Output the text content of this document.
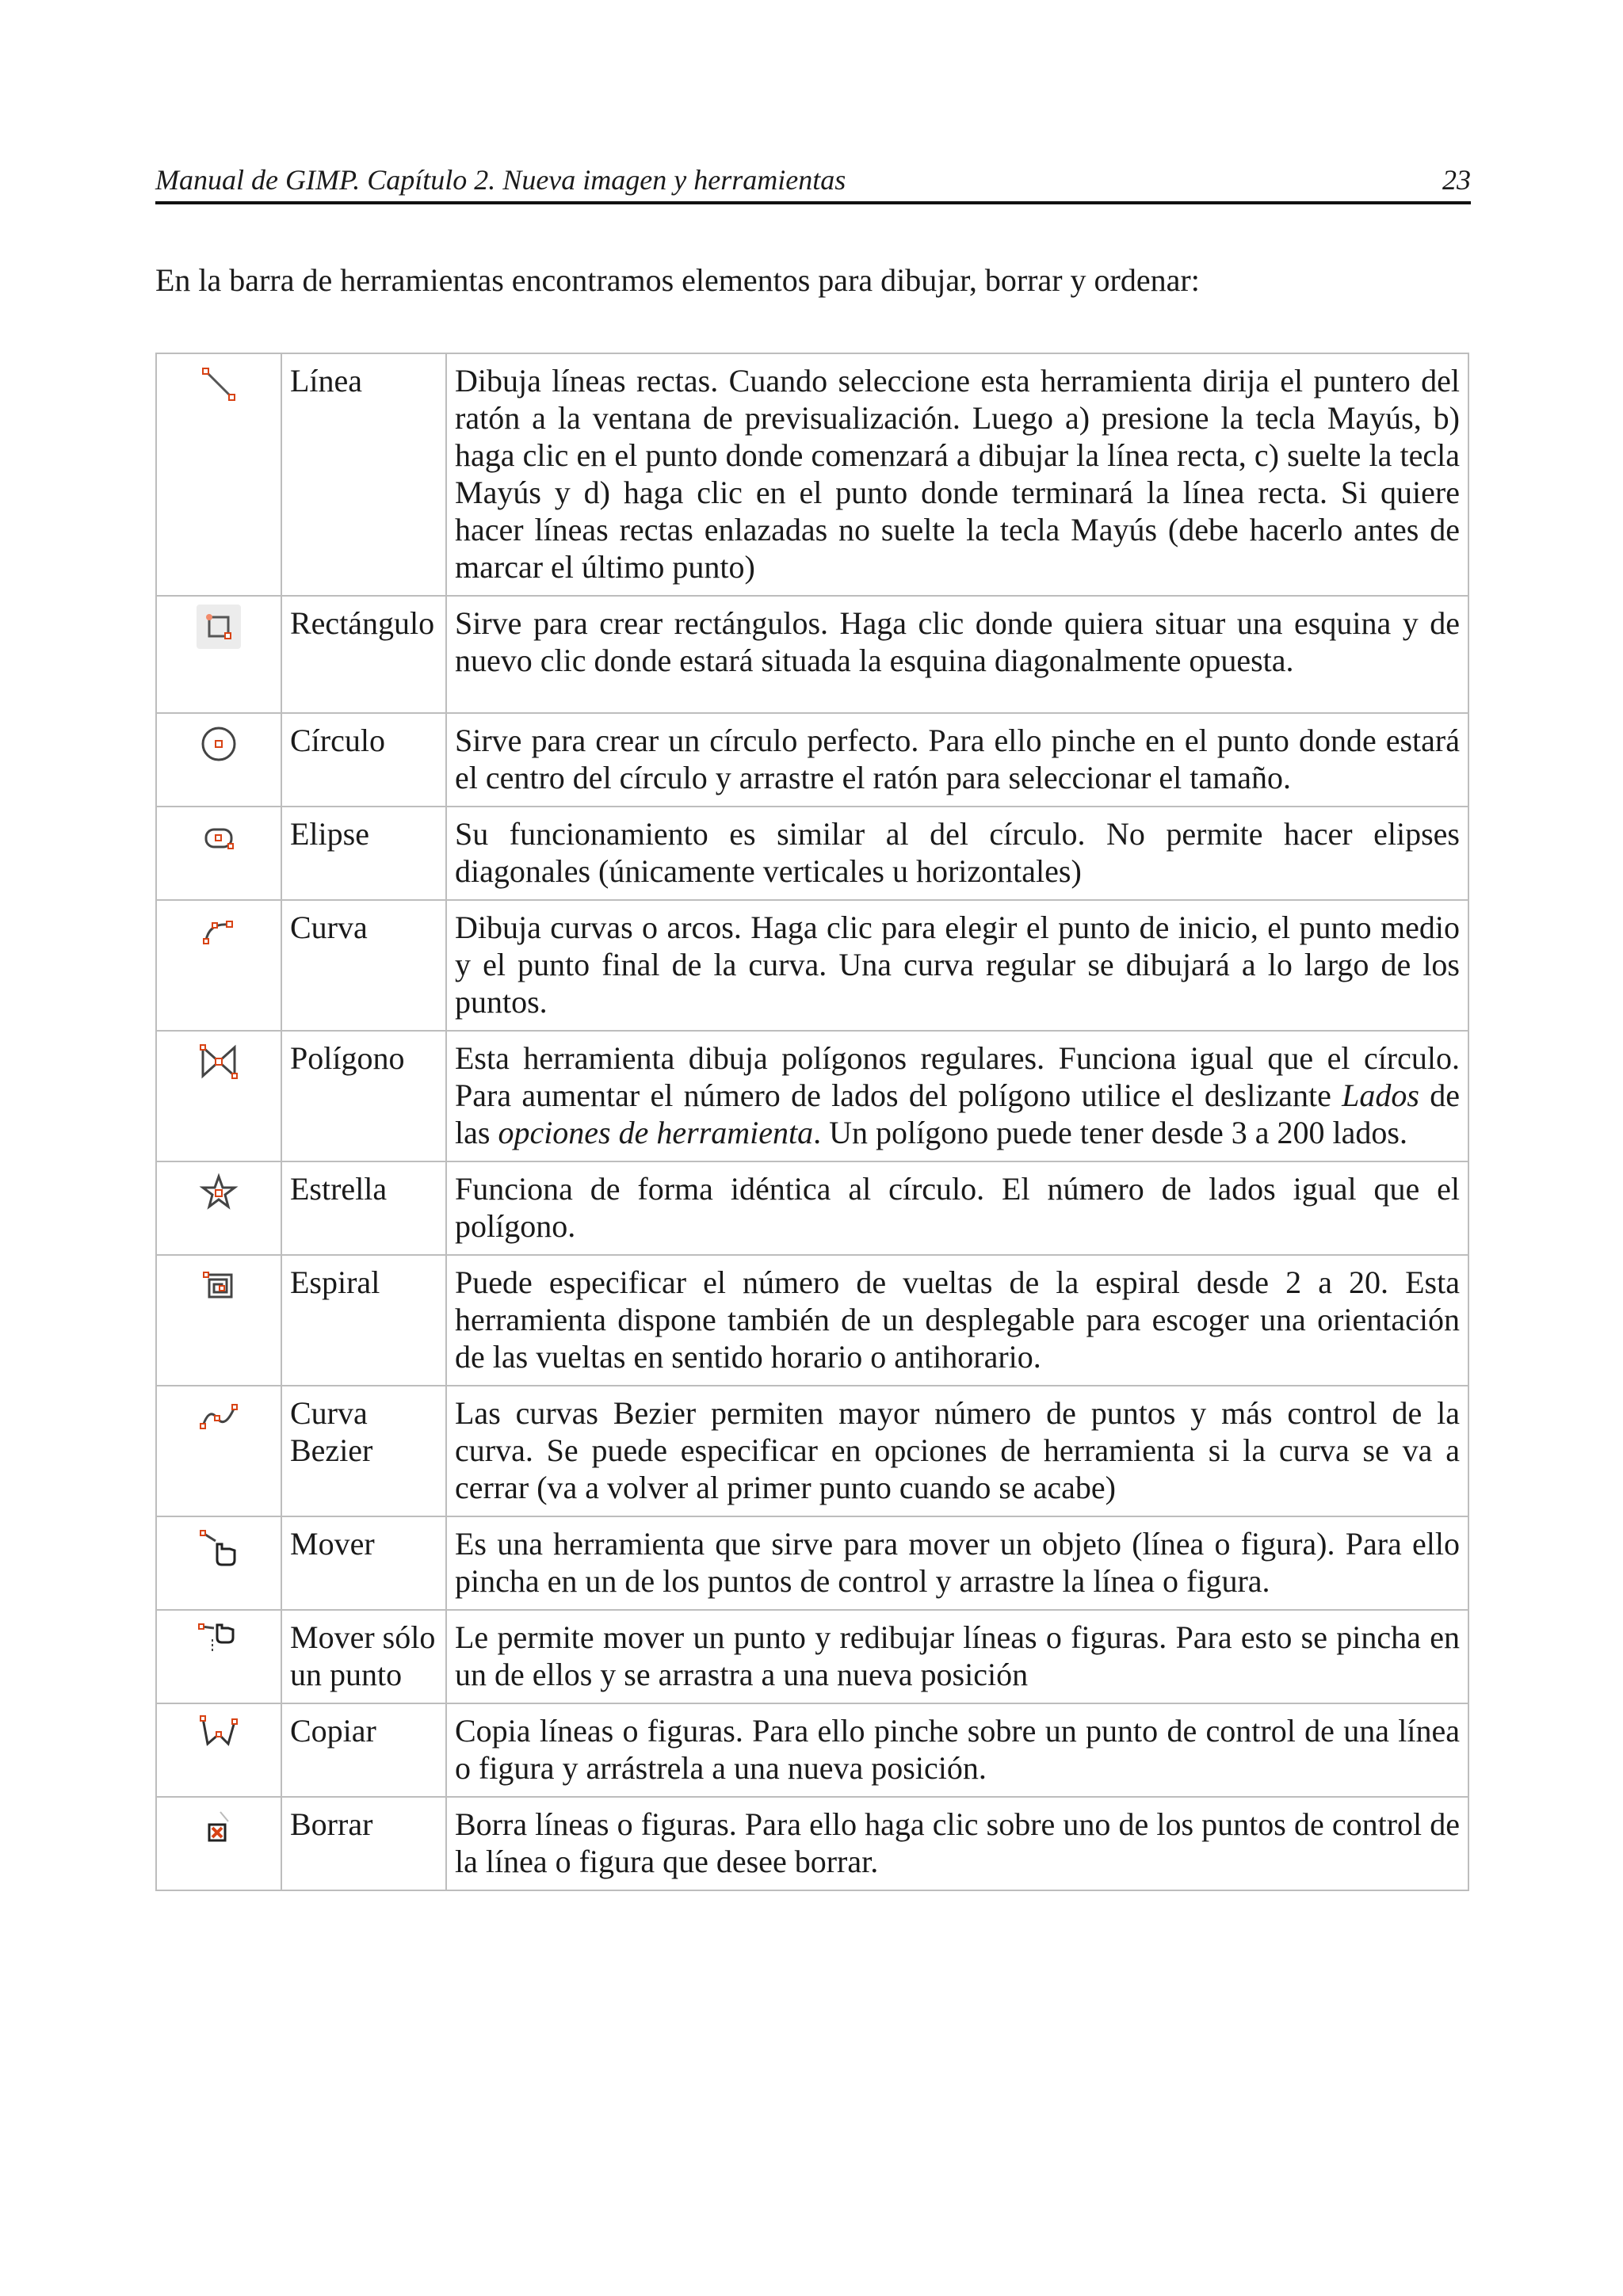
Manual de GIMP. Capítulo 2. Nueva imagen y herramientas	23
En la barra de herramientas encontramos elementos para dibujar, borrar y ordenar:
	Línea	Dibuja líneas rectas. Cuando seleccione esta herramienta dirija el puntero del ratón a la ventana de previsualización. Luego a) presione la tecla Mayús, b) haga clic en el punto donde comenzará a dibujar la línea recta, c) suelte la tecla Mayús y d) haga clic en el punto donde terminará la línea recta. Si quiere hacer líneas rectas enlazadas no suelte la tecla Mayús (debe hacerlo antes de marcar el último punto)
	Rectángulo	Sirve para crear rectángulos. Haga clic donde quiera situar una esquina y de nuevo clic donde estará situada la esquina diagonalmente opuesta.
	Círculo	Sirve para crear un círculo perfecto. Para ello pinche en el punto donde estará el centro del círculo y arrastre el ratón para seleccionar el tamaño.
	Elipse	Su funcionamiento es similar al del círculo. No permite hacer elipses diagonales (únicamente verticales u horizontales)
	Curva	Dibuja curvas o arcos. Haga clic para elegir el punto de inicio, el punto medio y el punto final de la curva. Una curva regular se dibujará a lo largo de los puntos.
	Polígono	Esta herramienta dibuja polígonos regulares. Funciona igual que el círculo. Para aumentar el número de lados del polígono utilice el deslizante Lados de las opciones de herramienta. Un polígono puede tener desde 3 a 200 lados.
	Estrella	Funciona de forma idéntica al círculo. El número de lados igual que el polígono.
	Espiral	Puede especificar el número de vueltas de la espiral desde 2 a 20. Esta herramienta dispone también de un desplegable para escoger una orientación de las vueltas en sentido horario o antihorario.
	Curva Bezier	Las curvas Bezier permiten mayor número de puntos y más control de la curva. Se puede especificar en opciones de herramienta si la curva se va a cerrar (va a volver al primer punto cuando se acabe)
	Mover	Es una herramienta que sirve para mover un objeto (línea o figura). Para ello pincha en un de los puntos de control y arrastre la línea o figura.
	Mover sólo un punto	Le permite mover un punto y redibujar líneas o figuras. Para esto se pincha en un de ellos y se arrastra a una nueva posición
	Copiar	Copia líneas o figuras. Para ello pinche sobre un punto de control de una línea o figura y arrástrela a una nueva posición.
	Borrar	Borra líneas o figuras. Para ello haga clic sobre uno de los puntos de control de la línea o figura que desee borrar.
